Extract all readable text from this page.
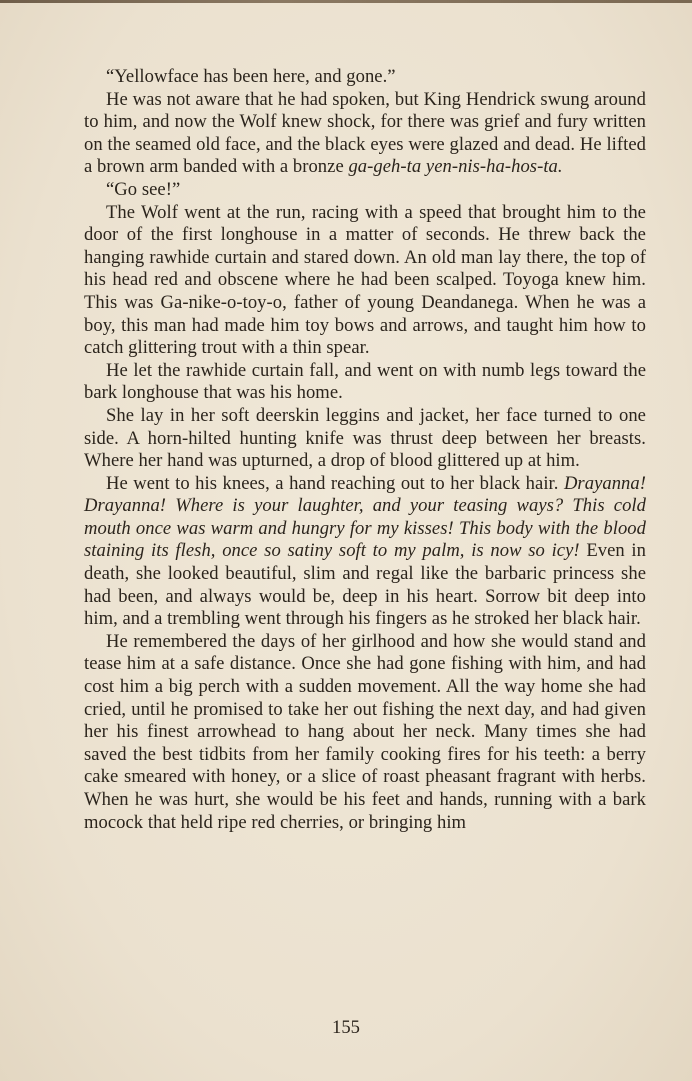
“Yellowface has been here, and gone.”

He was not aware that he had spoken, but King Hendrick swung around to him, and now the Wolf knew shock, for there was grief and fury written on the seamed old face, and the black eyes were glazed and dead. He lifted a brown arm banded with a bronze ga-geh-ta yen-nis-ha-hos-ta.

“Go see!”

The Wolf went at the run, racing with a speed that brought him to the door of the first longhouse in a matter of seconds. He threw back the hanging rawhide curtain and stared down. An old man lay there, the top of his head red and obscene where he had been scalped. Toyoga knew him. This was Ga-nike-o-toy-o, father of young Deandanega. When he was a boy, this man had made him toy bows and arrows, and taught him how to catch glittering trout with a thin spear.

He let the rawhide curtain fall, and went on with numb legs toward the bark longhouse that was his home.

She lay in her soft deerskin leggins and jacket, her face turned to one side. A horn-hilted hunting knife was thrust deep between her breasts. Where her hand was upturned, a drop of blood glittered up at him.

He went to his knees, a hand reaching out to her black hair. Drayanna! Drayanna! Where is your laughter, and your teasing ways? This cold mouth once was warm and hungry for my kisses! This body with the blood staining its flesh, once so satiny soft to my palm, is now so icy! Even in death, she looked beautiful, slim and regal like the barbaric princess she had been, and always would be, deep in his heart. Sorrow bit deep into him, and a trembling went through his fingers as he stroked her black hair.

He remembered the days of her girlhood and how she would stand and tease him at a safe distance. Once she had gone fishing with him, and had cost him a big perch with a sudden movement. All the way home she had cried, until he promised to take her out fishing the next day, and had given her his finest arrowhead to hang about her neck. Many times she had saved the best tidbits from her family cooking fires for his teeth: a berry cake smeared with honey, or a slice of roast pheasant fragrant with herbs. When he was hurt, she would be his feet and hands, running with a bark mocock that held ripe red cherries, or bringing him

155
